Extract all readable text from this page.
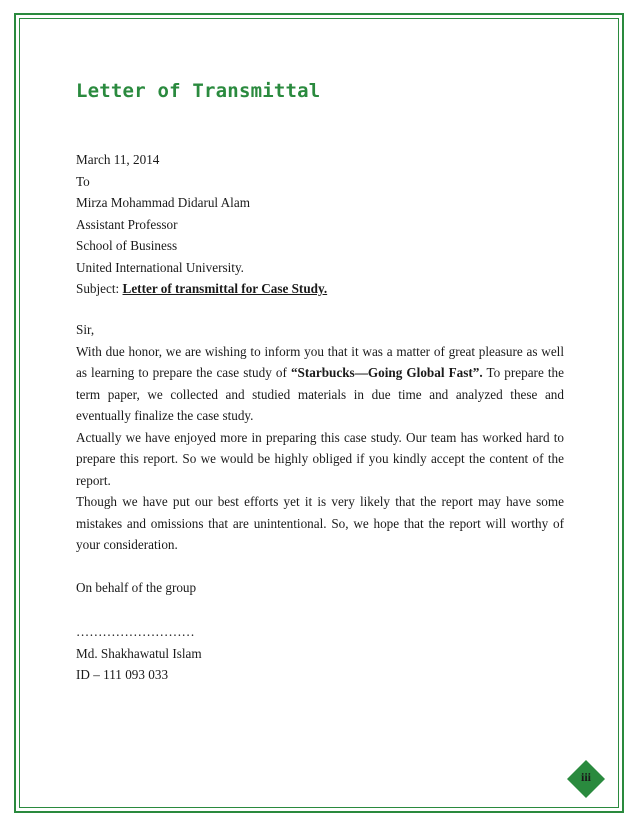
Letter of Transmittal
March 11, 2014
To
Mirza Mohammad Didarul Alam
Assistant Professor
School of Business
United International University.
Subject: Letter of transmittal for Case Study.
Sir,
With due honor, we are wishing to inform you that it was a matter of great pleasure as well as learning to prepare the case study of “Starbucks—Going Global Fast”. To prepare the term paper, we collected and studied materials in due time and analyzed these and eventually finalize the case study.
Actually we have enjoyed more in preparing this case study. Our team has worked hard to prepare this report. So we would be highly obliged if you kindly accept the content of the report.
Though we have put our best efforts yet it is very likely that the report may have some mistakes and omissions that are unintentional. So, we hope that the report will worthy of your consideration.
On behalf of the group
………………………
Md. Shakhawatul Islam
ID – 111 093 033
iii
